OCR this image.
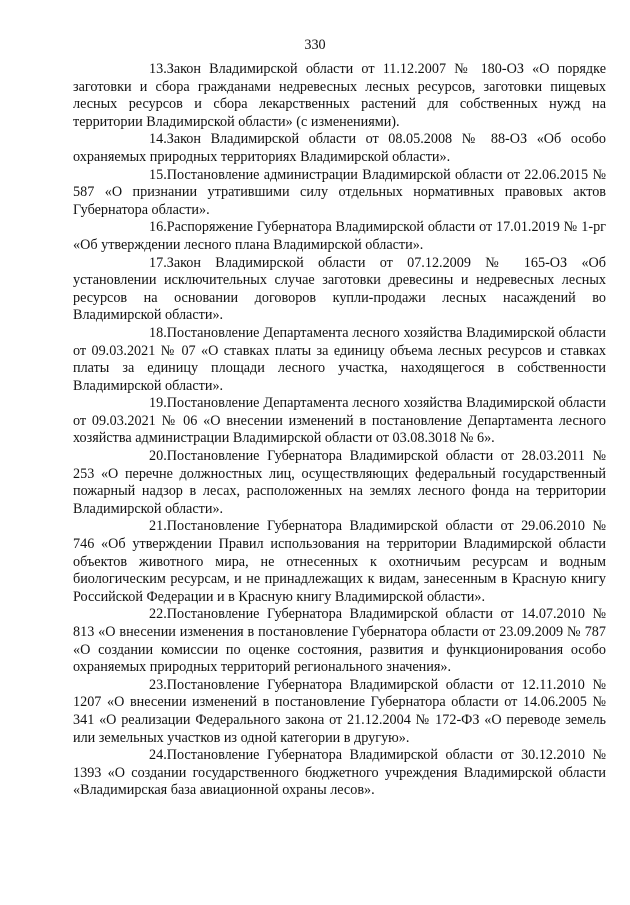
330

13.Закон Владимирской области от 11.12.2007 № 180-ОЗ «О порядке заготовки и сбора гражданами недревесных лесных ресурсов, заготовки пищевых лесных ресурсов и сбора лекарственных растений для собственных нужд на территории Владимирской области» (с изменениями).

14.Закон Владимирской области от 08.05.2008 № 88-ОЗ «Об особо охраняемых природных территориях Владимирской области».

15.Постановление администрации Владимирской области от 22.06.2015 № 587 «О признании утратившими силу отдельных нормативных правовых актов Губернатора области».

16.Распоряжение Губернатора Владимирской области от 17.01.2019 № 1-рг «Об утверждении лесного плана Владимирской области».

17.Закон Владимирской области от 07.12.2009 № 165-ОЗ «Об установлении исключительных случае заготовки древесины и недревесных лесных ресурсов на основании договоров купли-продажи лесных насаждений во Владимирской области».

18.Постановление Департамента лесного хозяйства Владимирской области от 09.03.2021 № 07 «О ставках платы за единицу объема лесных ресурсов и ставках платы за единицу площади лесного участка, находящегося в собственности Владимирской области».

19.Постановление Департамента лесного хозяйства Владимирской области от 09.03.2021 № 06 «О внесении изменений в постановление Департамента лесного хозяйства администрации Владимирской области от 03.08.3018 № 6».

20.Постановление Губернатора Владимирской области от 28.03.2011 № 253 «О перечне должностных лиц, осуществляющих федеральный государственный пожарный надзор в лесах, расположенных на землях лесного фонда на территории Владимирской области».

21.Постановление Губернатора Владимирской области от 29.06.2010 № 746 «Об утверждении Правил использования на территории Владимирской области объектов животного мира, не отнесенных к охотничьим ресурсам и водным биологическим ресурсам, и не принадлежащих к видам, занесенным в Красную книгу Российской Федерации и в Красную книгу Владимирской области».

22.Постановление Губернатора Владимирской области от 14.07.2010 № 813 «О внесении изменения в постановление Губернатора области от 23.09.2009 № 787 «О создании комиссии по оценке состояния, развития и функционирования особо охраняемых природных территорий регионального значения».

23.Постановление Губернатора Владимирской области от 12.11.2010 № 1207 «О внесении изменений в постановление Губернатора области от 14.06.2005 № 341 «О реализации Федерального закона от 21.12.2004 № 172-ФЗ «О переводе земель или земельных участков из одной категории в другую».

24.Постановление Губернатора Владимирской области от 30.12.2010 № 1393 «О создании государственного бюджетного учреждения Владимирской области «Владимирская база авиационной охраны лесов».
